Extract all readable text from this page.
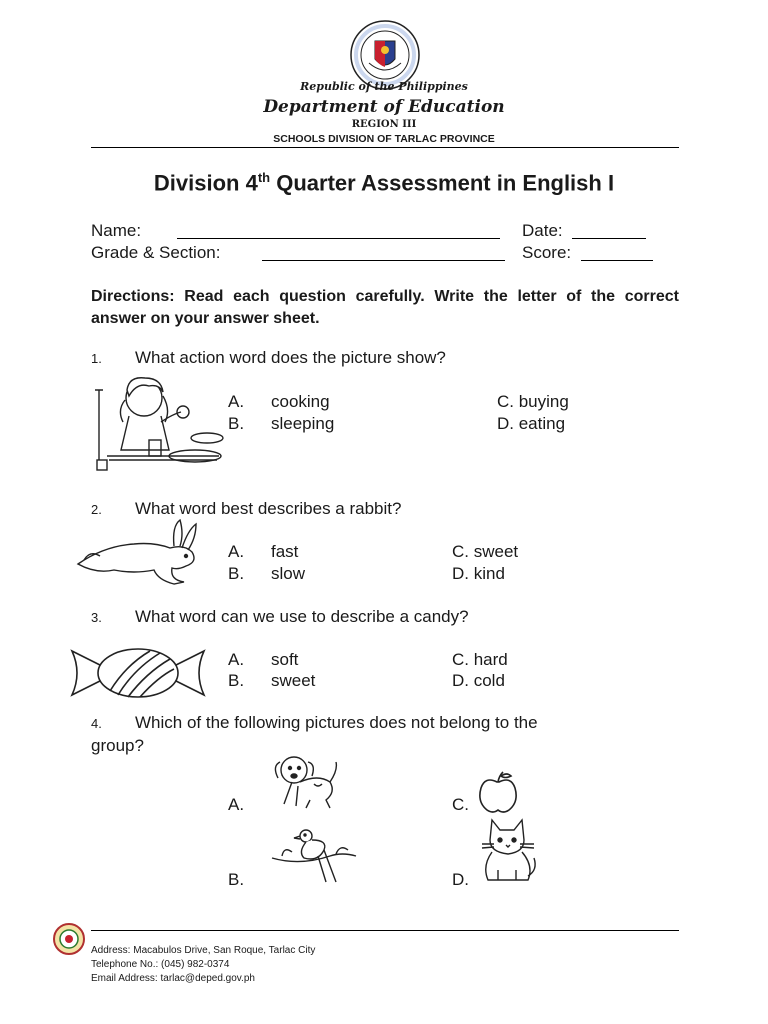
Republic of the Philippines
Department of Education
REGION III
SCHOOLS DIVISION OF TARLAC PROVINCE
Division 4th Quarter Assessment in English I
Name:	Date:
Grade & Section:	Score:
Directions: Read each question carefully. Write the letter of the correct answer on your answer sheet.
1. What action word does the picture show?
A. cooking
B. sleeping
C. buying
D. eating
2. What word best describes a rabbit?
A. fast
B. slow
C. sweet
D. kind
3. What word can we use to describe a candy?
A. soft
B. sweet
C. hard
D. cold
4. Which of the following pictures does not belong to the
group?
A.	C.
B.	D.
Address: Macabulos Drive, San Roque, Tarlac City
Telephone No.: (045) 982-0374
Email Address: tarlac@deped.gov.ph
